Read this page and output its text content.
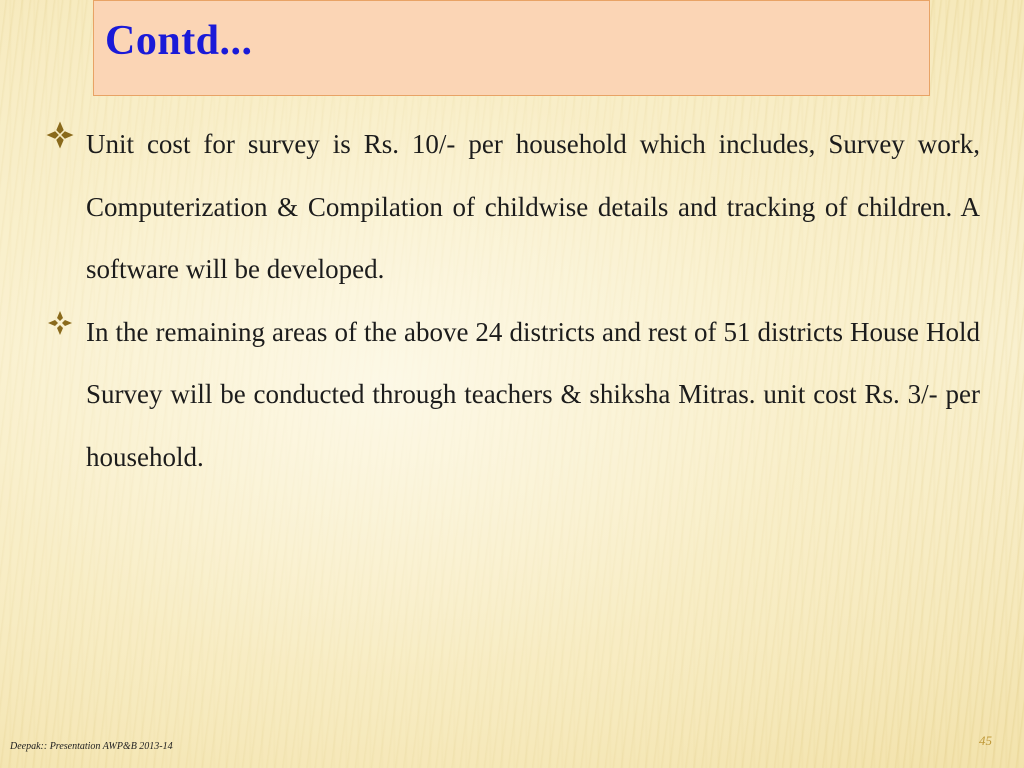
Contd...
Unit cost for survey is Rs. 10/- per household which includes, Survey work, Computerization & Compilation of childwise details and tracking of children. A software will be developed.
In the remaining areas of the above 24 districts and rest of 51 districts House Hold Survey will be conducted through teachers & shiksha Mitras. unit cost Rs. 3/- per household.
Deepak:: Presentation AWP&B 2013-14	45
